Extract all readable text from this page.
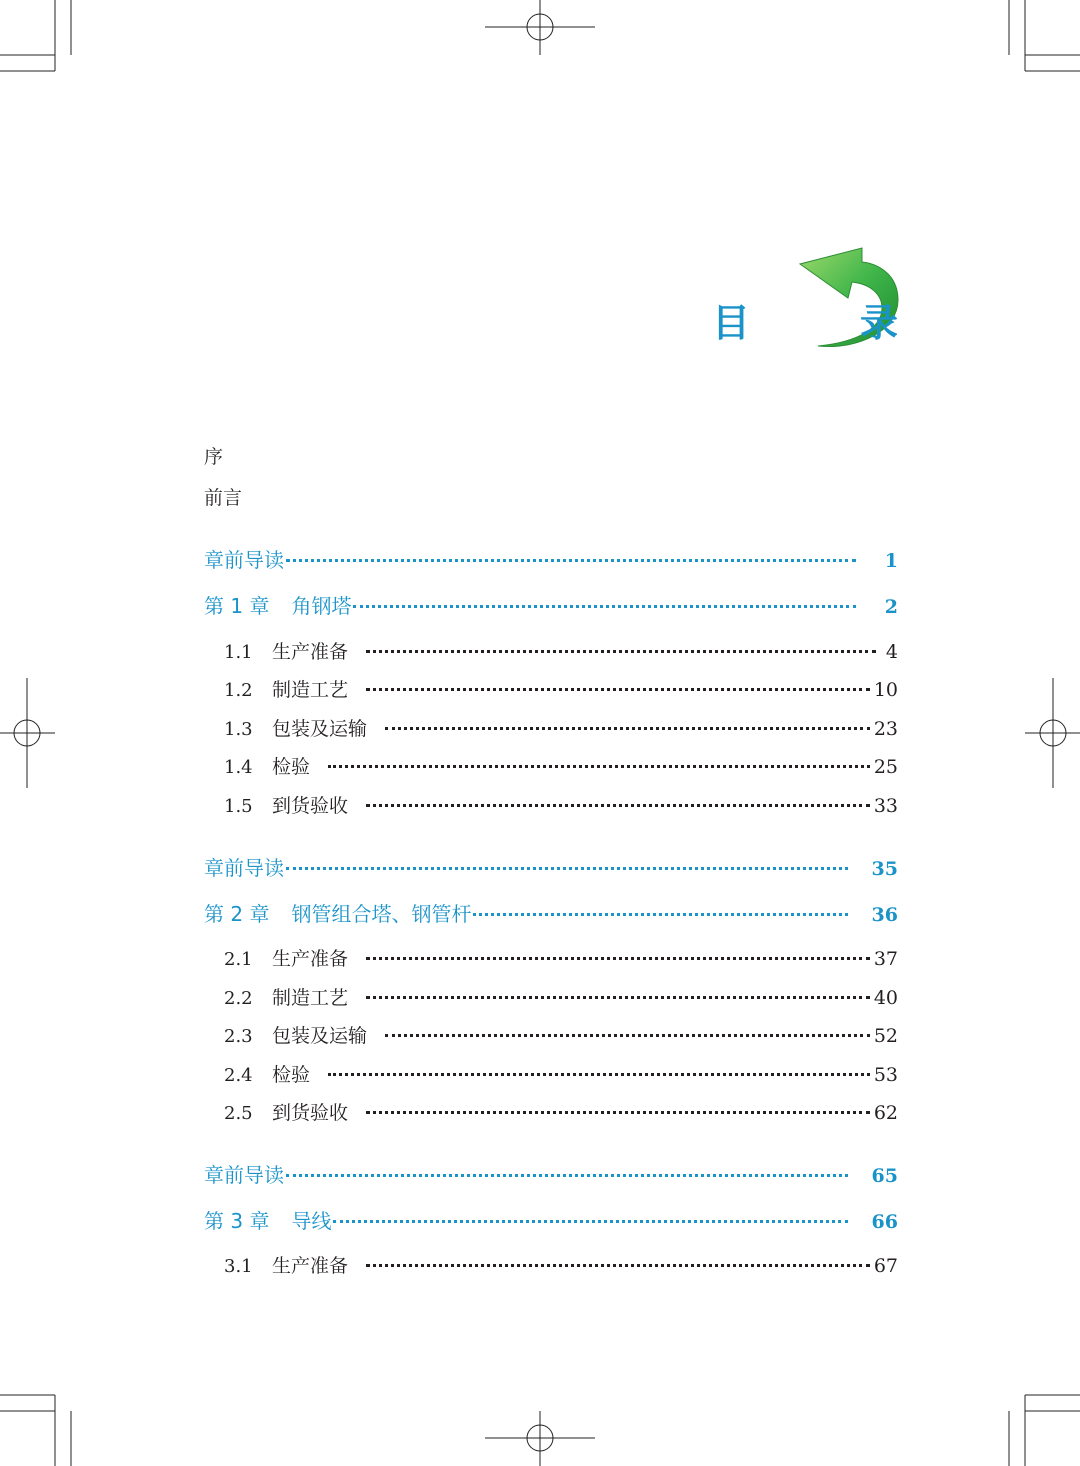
目　录
序
前言
章前导读	1
第 1 章 角钢塔	2
1.1	生产准备	4
1.2	制造工艺	10
1.3	包装及运输	23
1.4	检验	25
1.5	到货验收	33
章前导读	35
第 2 章 钢管组合塔、钢管杆	36
2.1	生产准备	37
2.2	制造工艺	40
2.3	包装及运输	52
2.4	检验	53
2.5	到货验收	62
章前导读	65
第 3 章 导线	66
3.1	生产准备	67
